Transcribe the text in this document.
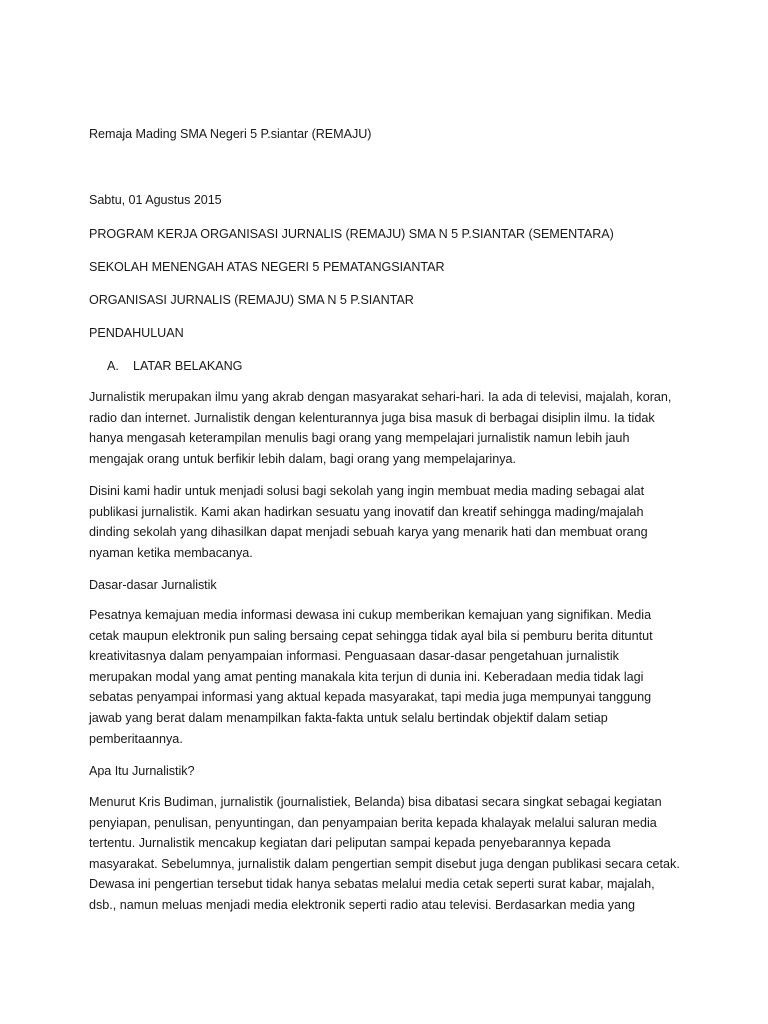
Remaja Mading SMA Negeri 5 P.siantar (REMAJU)
Sabtu, 01 Agustus 2015
PROGRAM KERJA ORGANISASI JURNALIS (REMAJU) SMA N 5 P.SIANTAR (SEMENTARA)
SEKOLAH MENENGAH ATAS NEGERI 5 PEMATANGSIANTAR
ORGANISASI JURNALIS (REMAJU) SMA N 5 P.SIANTAR
PENDAHULUAN
A. LATAR BELAKANG
Jurnalistik merupakan ilmu yang akrab dengan masyarakat sehari-hari. Ia ada di televisi, majalah, koran,
radio dan internet. Jurnalistik dengan kelenturannya juga bisa masuk di berbagai disiplin ilmu. Ia tidak
hanya mengasah keterampilan menulis bagi orang yang mempelajari jurnalistik namun lebih jauh
mengajak orang untuk berfikir lebih dalam, bagi orang yang mempelajarinya.
Disini kami hadir untuk menjadi solusi bagi sekolah yang ingin membuat media mading sebagai alat
publikasi jurnalistik. Kami akan hadirkan sesuatu yang inovatif dan kreatif sehingga mading/majalah
dinding sekolah yang dihasilkan dapat menjadi sebuah karya yang menarik hati dan membuat orang
nyaman ketika membacanya.
Dasar-dasar Jurnalistik
Pesatnya kemajuan media informasi dewasa ini cukup memberikan kemajuan yang signifikan. Media
cetak maupun elektronik pun saling bersaing cepat sehingga tidak ayal bila si pemburu berita dituntut
kreativitasnya dalam penyampaian informasi. Penguasaan dasar-dasar pengetahuan jurnalistik
merupakan modal yang amat penting manakala kita terjun di dunia ini. Keberadaan media tidak lagi
sebatas penyampai informasi yang aktual kepada masyarakat, tapi media juga mempunyai tanggung
jawab yang berat dalam menampilkan fakta-fakta untuk selalu bertindak objektif dalam setiap
pemberitaannya.
Apa Itu Jurnalistik?
Menurut Kris Budiman, jurnalistik (journalistiek, Belanda) bisa dibatasi secara singkat sebagai kegiatan
penyiapan, penulisan, penyuntingan, dan penyampaian berita kepada khalayak melalui saluran media
tertentu. Jurnalistik mencakup kegiatan dari peliputan sampai kepada penyebarannya kepada
masyarakat. Sebelumnya, jurnalistik dalam pengertian sempit disebut juga dengan publikasi secara cetak.
Dewasa ini pengertian tersebut tidak hanya sebatas melalui media cetak seperti surat kabar, majalah,
dsb., namun meluas menjadi media elektronik seperti radio atau televisi. Berdasarkan media yang
